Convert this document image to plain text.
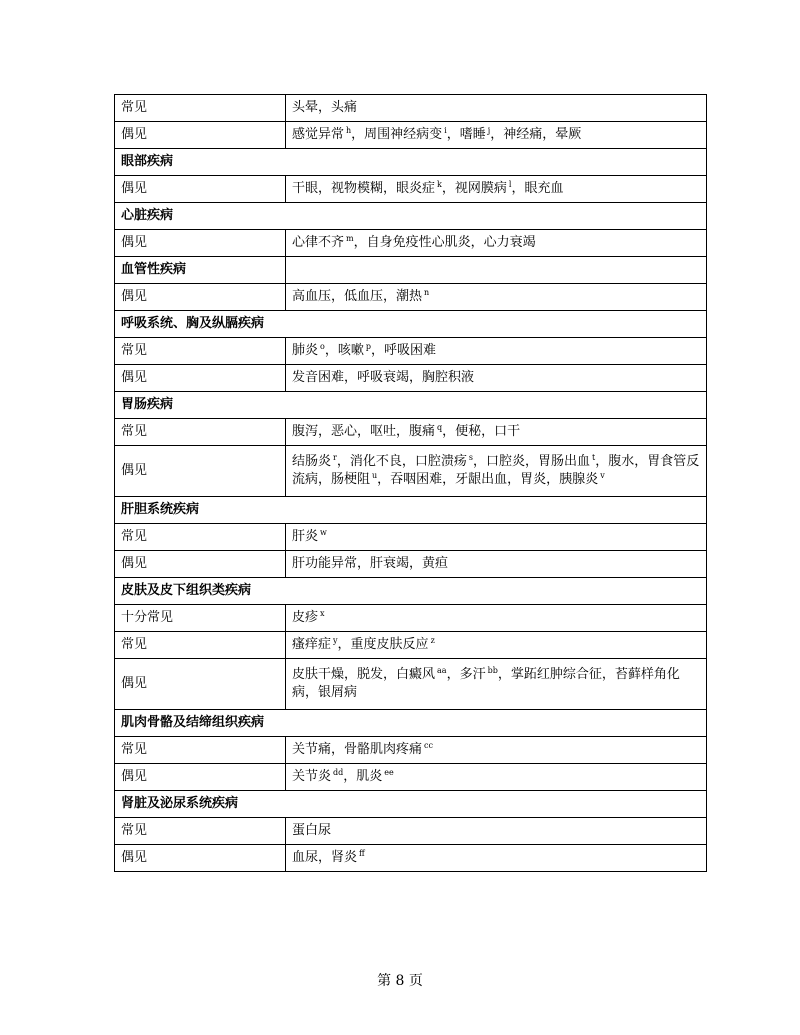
常见	头晕，头痛
偶见	感觉异常 $^h$，周围神经病变 $^i$，嗜睡 $^j$，神经痛，晕厥
眼部疾病	
偶见	干眼，视物模糊，眼炎症 $^k$，视网膜病 $^l$，眼充血
心脏疾病	
偶见	心律不齐 $^m$，自身免疫性心肌炎，心力衰竭
血管性疾病	
偶见	高血压，低血压，潮热 $^n$
呼吸系统、胸及纵膈疾病	
常见	肺炎 $^o$，咳嗽 $^p$，呼吸困难
偶见	发音困难，呼吸衰竭，胸腔积液
胃肠疾病	
常见	腹泻，恶心，呕吐，腹痛 $^q$，便秘，口干
偶见	结肠炎 $^r$，消化不良，口腔溃疡 $^s$，口腔炎，胃肠出血 $^t$，腹水，胃食管反流病，肠梗阻 $^u$，吞咽困难，牙龈出血，胃炎，胰腺炎 $^v$
肝胆系统疾病	
常见	肝炎 $^w$
偶见	肝功能异常，肝衰竭，黄疸
皮肤及皮下组织类疾病	
十分常见	皮疹 $^x$
常见	瘙痒症 $^y$，重度皮肤反应 $^z$
偶见	皮肤干燥，脱发，白癜风 $^{aa}$，多汗 $^{bb}$，掌跖红肿综合征，苔藓样角化病，银屑病
肌肉骨骼及结缔组织疾病	
常见	关节痛，骨骼肌肉疼痛 $^{cc}$
偶见	关节炎 $^{dd}$，肌炎 $^{ee}$
肾脏及泌尿系统疾病	
常见	蛋白尿
偶见	血尿，肾炎 $^{ff}$
第 8 页
